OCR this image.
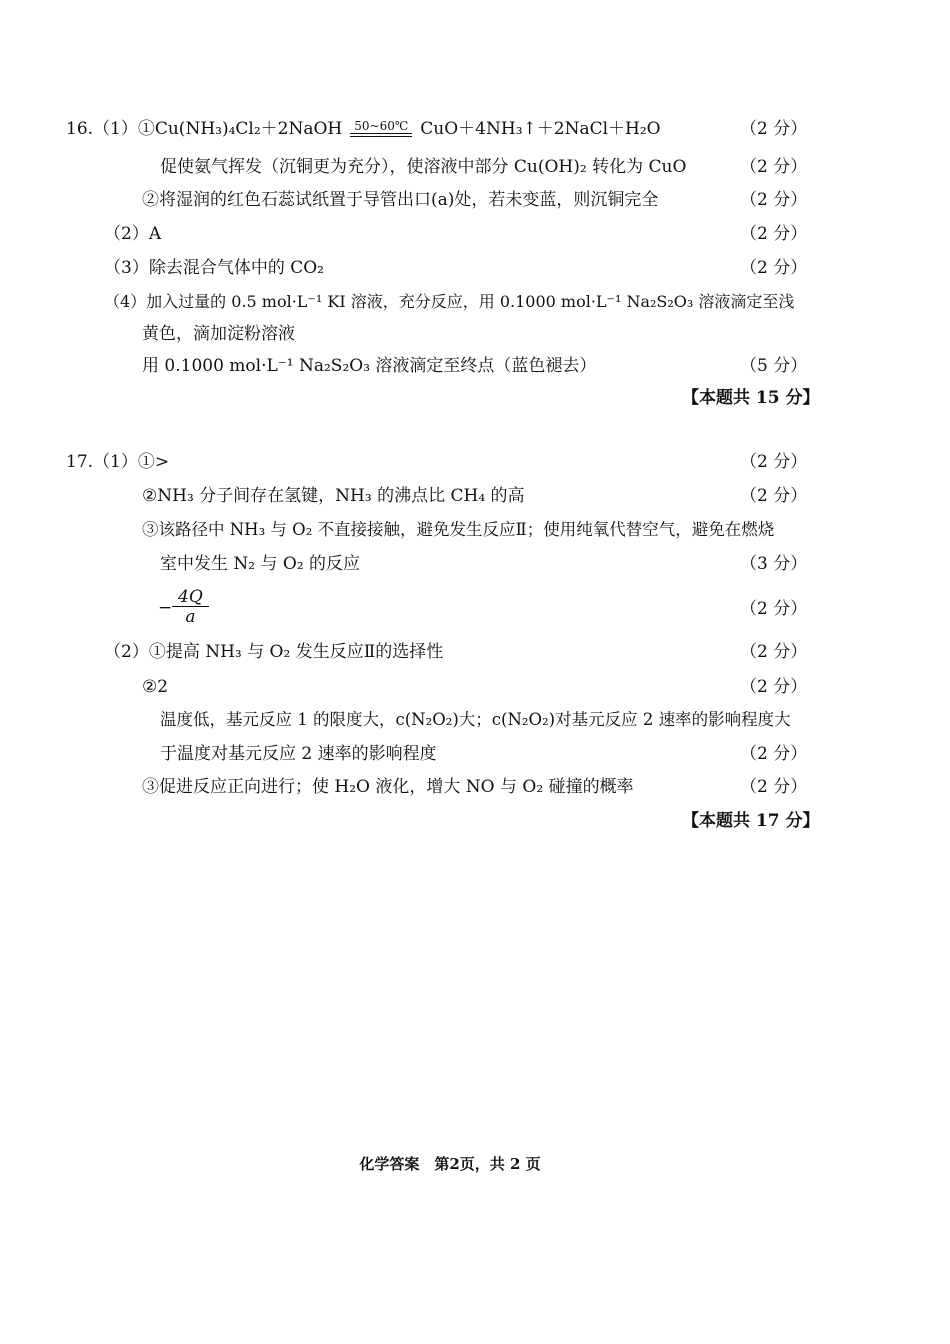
16.（1）①Cu(NH₃)₄Cl₂＋2NaOH	50~60℃ CuO＋4NH₃↑＋2NaCl＋H₂O	（2 分）
促使氨气挥发（沉铜更为充分），使溶液中部分 Cu(OH)₂ 转化为 CuO	（2 分）
②将湿润的红色石蕊试纸置于导管出口(a)处，若未变蓝，则沉铜完全	（2 分）
（2）A	（2 分）
（3）除去混合气体中的 CO₂	（2 分）
（4）加入过量的 0.5 mol·L⁻¹ KI 溶液，充分反应，用 0.1000 mol·L⁻¹ Na₂S₂O₃ 溶液滴定至浅
黄色，滴加淀粉溶液
用 0.1000 mol·L⁻¹ Na₂S₂O₃ 溶液滴定至终点（蓝色褪去）	（5 分）
【本题共 15 分】
17.（1）①>	（2 分）
②NH₃ 分子间存在氢键，NH₃ 的沸点比 CH₄ 的高	（2 分）
③该路径中 NH₃ 与 O₂ 不直接接触，避免发生反应Ⅱ；使用纯氧代替空气，避免在燃烧
室中发生 N₂ 与 O₂ 的反应	（3 分）
− $\frac{4Q}{a}$	（2 分）
（2）①提高 NH₃ 与 O₂ 发生反应Ⅱ的选择性	（2 分）
②2	（2 分）
温度低，基元反应 1 的限度大，c(N₂O₂)大；c(N₂O₂)对基元反应 2 速率的影响程度大
于温度对基元反应 2 速率的影响程度	（2 分）
③促进反应正向进行；使 H₂O 液化，增大 NO 与 O₂ 碰撞的概率	（2 分）
【本题共 17 分】
化学答案　第2页，共 2 页
